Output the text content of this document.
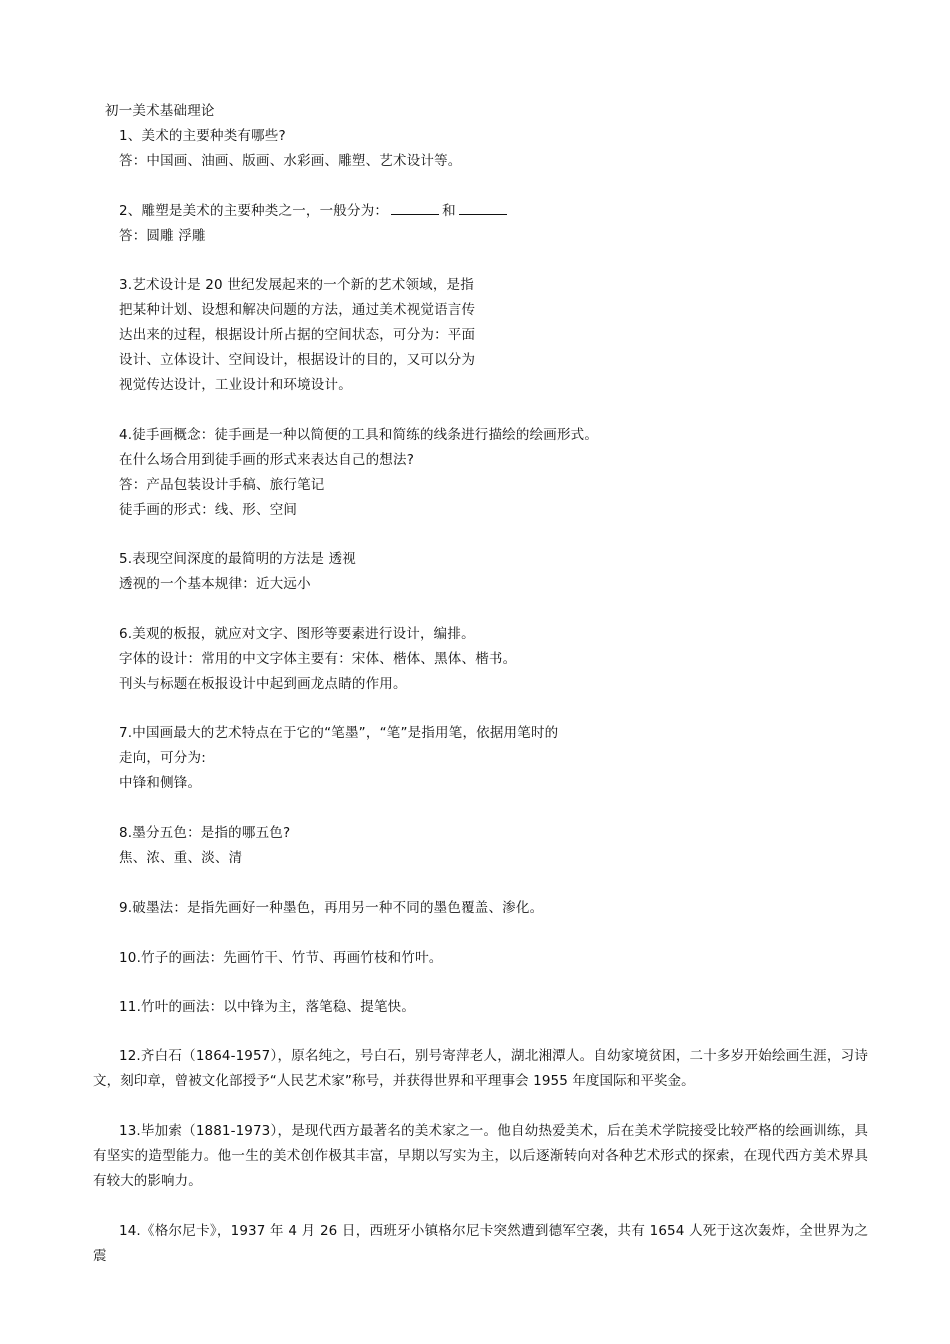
初一美术基础理论
1、美术的主要种类有哪些?
答：中国画、油画、版画、水彩画、雕塑、艺术设计等。
2、雕塑是美术的主要种类之一，一般分为：	和
答：圆雕 浮雕
3.艺术设计是 20 世纪发展起来的一个新的艺术领域，是指
把某种计划、设想和解决问题的方法，通过美术视觉语言传
达出来的过程，根据设计所占据的空间状态，可分为：平面
设计、立体设计、空间设计，根据设计的目的，又可以分为
视觉传达设计，工业设计和环境设计。
4.徒手画概念：徒手画是一种以简便的工具和简练的线条进行描绘的绘画形式。
在什么场合用到徒手画的形式来表达自己的想法?
答：产品包装设计手稿、旅行笔记
徒手画的形式：线、形、空间
5.表现空间深度的最简明的方法是 透视
透视的一个基本规律：近大远小
6.美观的板报，就应对文字、图形等要素进行设计，编排。
字体的设计：常用的中文字体主要有：宋体、楷体、黑体、楷书。
刊头与标题在板报设计中起到画龙点睛的作用。
7.中国画最大的艺术特点在于它的“笔墨”，“笔”是指用笔，依据用笔时的
走向，可分为:
中锋和侧锋。
8.墨分五色：是指的哪五色?
焦、浓、重、淡、清
9.破墨法：是指先画好一种墨色，再用另一种不同的墨色覆盖、渗化。
10.竹子的画法：先画竹干、竹节、再画竹枝和竹叶。
11.竹叶的画法：以中锋为主，落笔稳、提笔快。
12.齐白石（1864-1957），原名纯之，号白石，别号寄萍老人，湖北湘潭人。自幼家境贫困，二十多岁开始绘画生涯，习诗文，刻印章，曾被文化部授予“人民艺术家”称号，并获得世界和平理事会 1955 年度国际和平奖金。
13.毕加索（1881-1973），是现代西方最著名的美术家之一。他自幼热爱美术，后在美术学院接受比较严格的绘画训练，具有坚实的造型能力。他一生的美术创作极其丰富，早期以写实为主，以后逐渐转向对各种艺术形式的探索，在现代西方美术界具有较大的影响力。
14.《格尔尼卡》，1937 年 4 月 26 日，西班牙小镇格尔尼卡突然遭到德军空袭，共有 1654 人死于这次轰炸，全世界为之震
